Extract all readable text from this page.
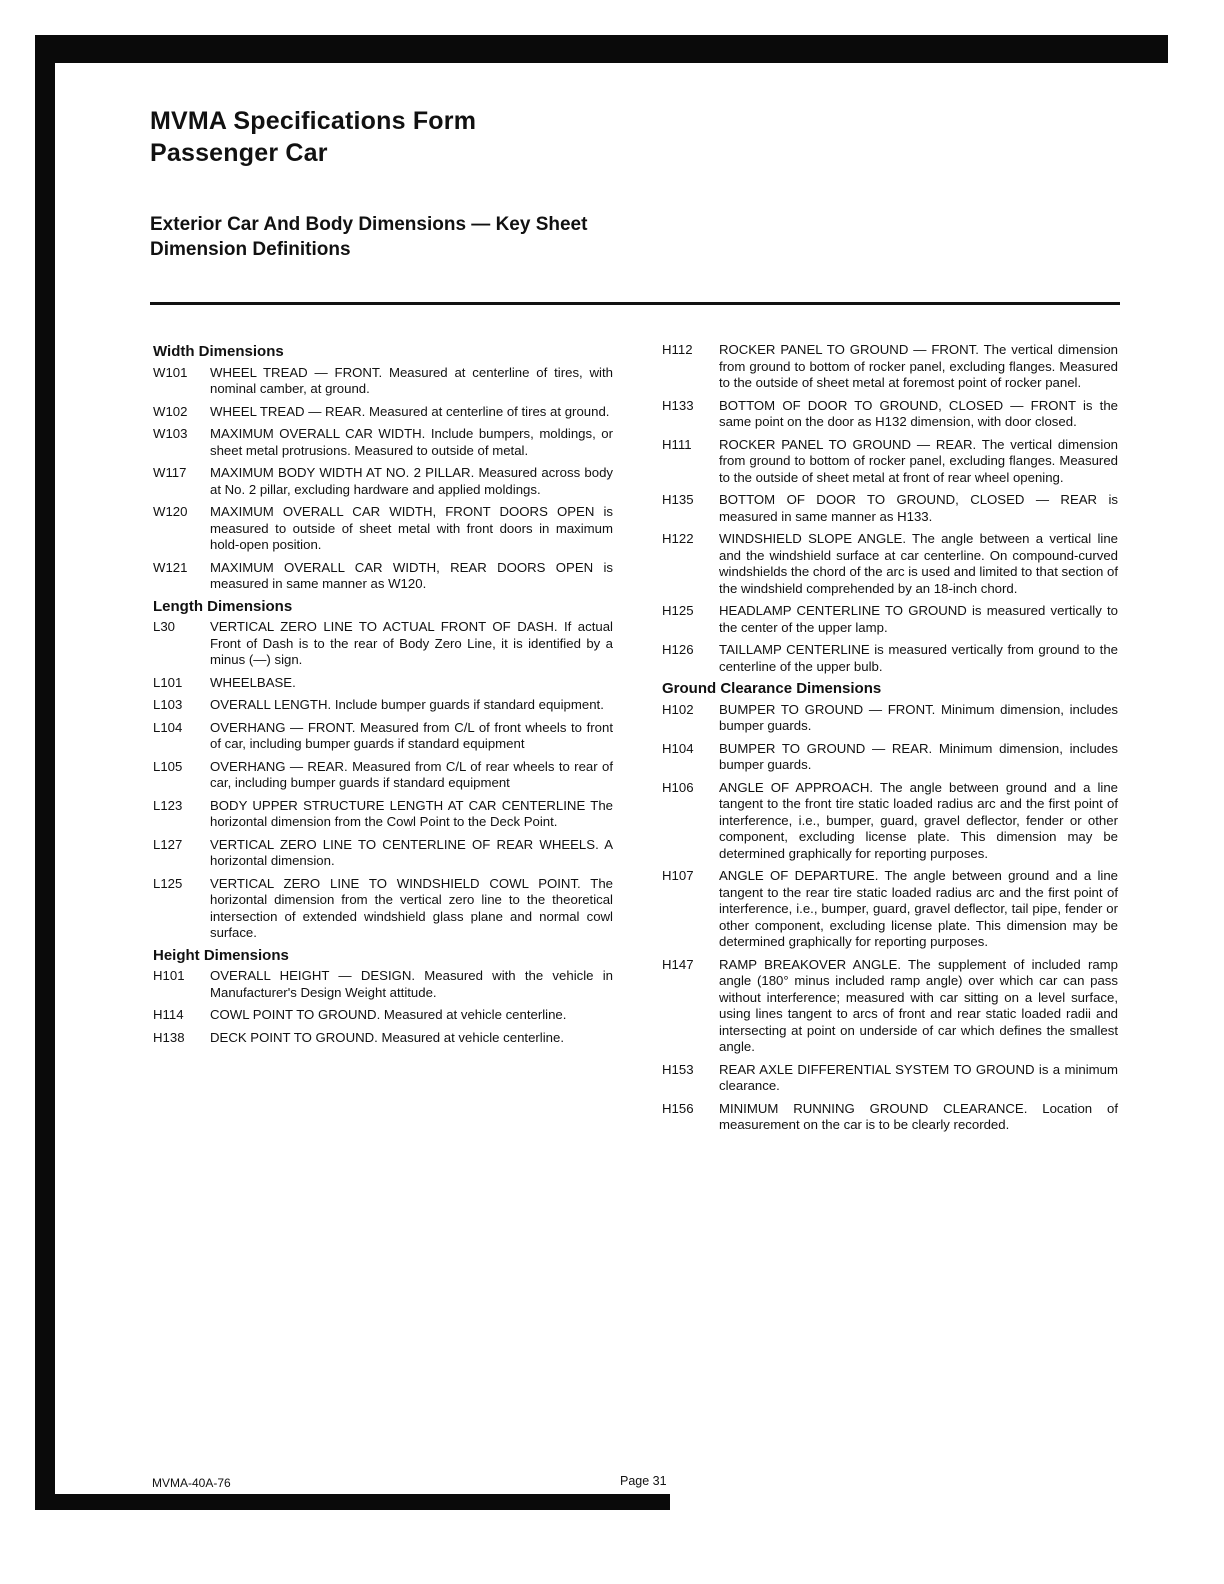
MVMA Specifications Form
Passenger Car
Exterior Car And Body Dimensions — Key Sheet
Dimension Definitions
Width Dimensions
W101	WHEEL TREAD — FRONT. Measured at centerline of tires, with nominal camber, at ground.
W102	WHEEL TREAD — REAR. Measured at centerline of tires at ground.
W103	MAXIMUM OVERALL CAR WIDTH. Include bumpers, moldings, or sheet metal protrusions. Measured to outside of metal.
W117	MAXIMUM BODY WIDTH AT NO. 2 PILLAR. Measured across body at No. 2 pillar, excluding hardware and applied moldings.
W120	MAXIMUM OVERALL CAR WIDTH, FRONT DOORS OPEN is measured to outside of sheet metal with front doors in maximum hold-open position.
W121	MAXIMUM OVERALL CAR WIDTH, REAR DOORS OPEN is measured in same manner as W120.
Length Dimensions
L30	VERTICAL ZERO LINE TO ACTUAL FRONT OF DASH. If actual Front of Dash is to the rear of Body Zero Line, it is identified by a minus (—) sign.
L101	WHEELBASE.
L103	OVERALL LENGTH. Include bumper guards if standard equipment.
L104	OVERHANG — FRONT. Measured from C/L of front wheels to front of car, including bumper guards if standard equipment
L105	OVERHANG — REAR. Measured from C/L of rear wheels to rear of car, including bumper guards if standard equipment
L123	BODY UPPER STRUCTURE LENGTH AT CAR CENTERLINE The horizontal dimension from the Cowl Point to the Deck Point.
L127	VERTICAL ZERO LINE TO CENTERLINE OF REAR WHEELS. A horizontal dimension.
L125	VERTICAL ZERO LINE TO WINDSHIELD COWL POINT. The horizontal dimension from the vertical zero line to the theoretical intersection of extended windshield glass plane and normal cowl surface.
Height Dimensions
H101	OVERALL HEIGHT — DESIGN. Measured with the vehicle in Manufacturer's Design Weight attitude.
H114	COWL POINT TO GROUND. Measured at vehicle centerline.
H138	DECK POINT TO GROUND. Measured at vehicle centerline.
H112	ROCKER PANEL TO GROUND — FRONT. The vertical dimension from ground to bottom of rocker panel, excluding flanges. Measured to the outside of sheet metal at foremost point of rocker panel.
H133	BOTTOM OF DOOR TO GROUND, CLOSED — FRONT is the same point on the door as H132 dimension, with door closed.
H111	ROCKER PANEL TO GROUND — REAR. The vertical dimension from ground to bottom of rocker panel, excluding flanges. Measured to the outside of sheet metal at front of rear wheel opening.
H135	BOTTOM OF DOOR TO GROUND, CLOSED — REAR is measured in same manner as H133.
H122	WINDSHIELD SLOPE ANGLE. The angle between a vertical line and the windshield surface at car centerline. On compound-curved windshields the chord of the arc is used and limited to that section of the windshield comprehended by an 18-inch chord.
H125	HEADLAMP CENTERLINE TO GROUND is measured vertically to the center of the upper lamp.
H126	TAILLAMP CENTERLINE is measured vertically from ground to the centerline of the upper bulb.
Ground Clearance Dimensions
H102	BUMPER TO GROUND — FRONT. Minimum dimension, includes bumper guards.
H104	BUMPER TO GROUND — REAR. Minimum dimension, includes bumper guards.
H106	ANGLE OF APPROACH. The angle between ground and a line tangent to the front tire static loaded radius arc and the first point of interference, i.e., bumper, guard, gravel deflector, fender or other component, excluding license plate. This dimension may be determined graphically for reporting purposes.
H107	ANGLE OF DEPARTURE. The angle between ground and a line tangent to the rear tire static loaded radius arc and the first point of interference, i.e., bumper, guard, gravel deflector, tail pipe, fender or other component, excluding license plate. This dimension may be determined graphically for reporting purposes.
H147	RAMP BREAKOVER ANGLE. The supplement of included ramp angle (180° minus included ramp angle) over which car can pass without interference; measured with car sitting on a level surface, using lines tangent to arcs of front and rear static loaded radii and intersecting at point on underside of car which defines the smallest angle.
H153	REAR AXLE DIFFERENTIAL SYSTEM TO GROUND is a minimum clearance.
H156	MINIMUM RUNNING GROUND CLEARANCE. Location of measurement on the car is to be clearly recorded.
MVMA-40A-76	Page 31
